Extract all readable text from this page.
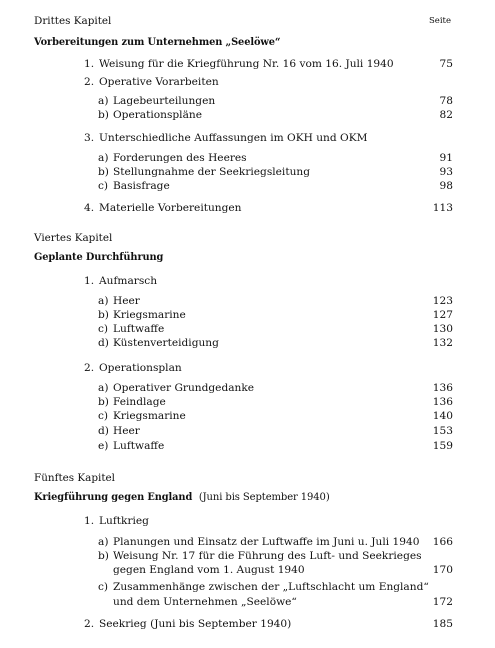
Drittes Kapitel	Seite
Vorbereitungen zum Unternehmen „Seelöwe“
1. Weisung für die Kriegführung Nr. 16 vom 16. Juli 1940	75
2. Operative Vorarbeiten
a) Lagebeurteilungen	78
b) Operationspläne	82
3. Unterschiedliche Auffassungen im OKH und OKM
a) Forderungen des Heeres	91
b) Stellungnahme der Seekriegsleitung	93
c) Basisfrage	98
4. Materielle Vorbereitungen	113
Viertes Kapitel
Geplante Durchführung
1. Aufmarsch
a) Heer	123
b) Kriegsmarine	127
c) Luftwaffe	130
d) Küstenverteidigung	132
2. Operationsplan
a) Operativer Grundgedanke	136
b) Feindlage	136
c) Kriegsmarine	140
d) Heer	153
e) Luftwaffe	159
Fünftes Kapitel
Kriegführung gegen England (Juni bis September 1940)
1. Luftkrieg
a) Planungen und Einsatz der Luftwaffe im Juni u. Juli 1940 166
b) Weisung Nr. 17 für die Führung des Luft- und Seekrieges
gegen England vom 1. August 1940	170
c) Zusammenhänge zwischen der „Luftschlacht um England“
und dem Unternehmen „Seelöwe“	172
2. Seekrieg (Juni bis September 1940)	185
